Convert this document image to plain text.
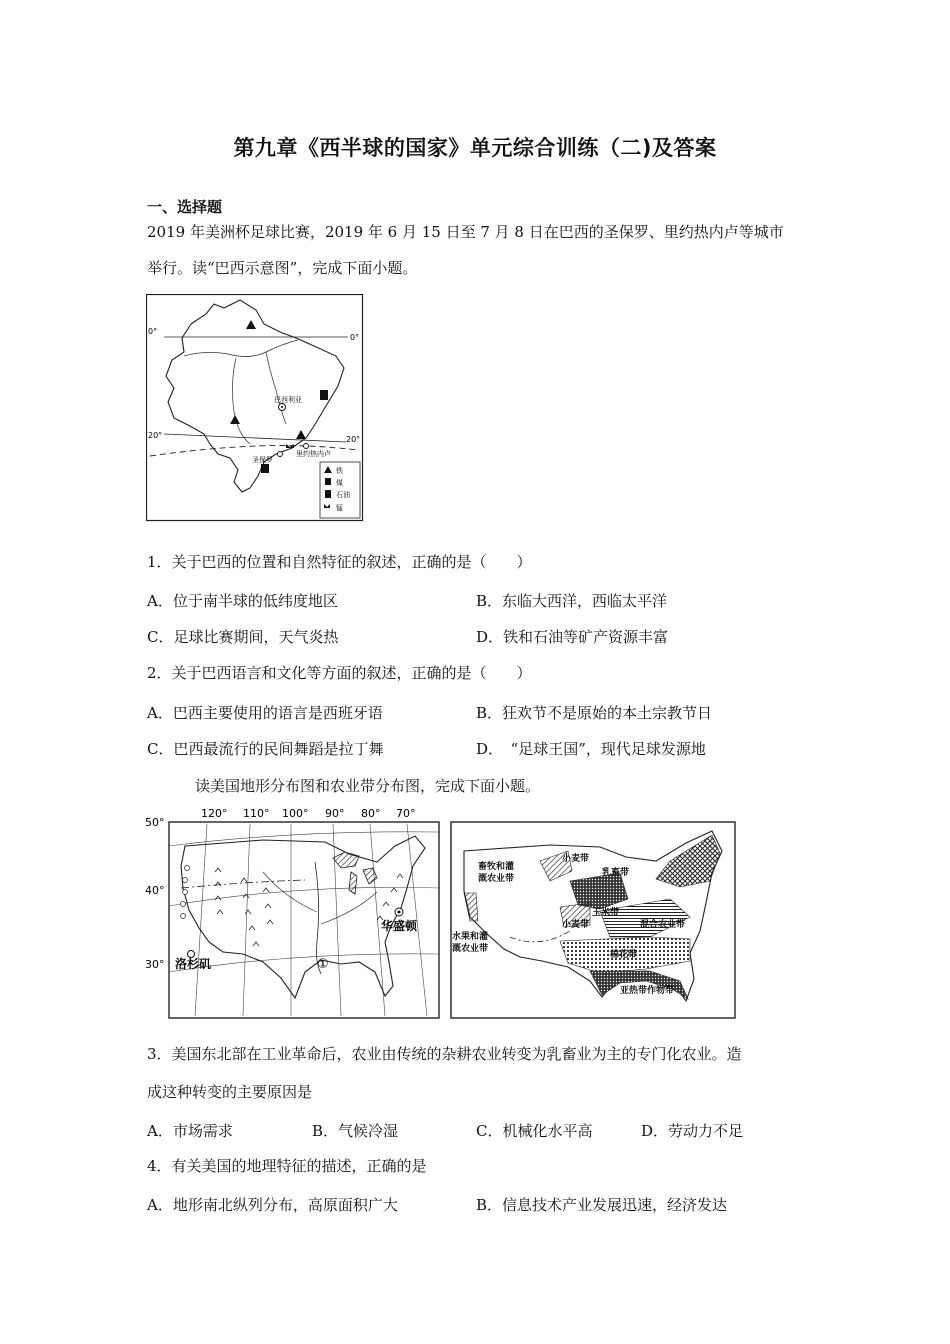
第九章《西半球的国家》单元综合训练（二)及答案
一、选择题
2019 年美洲杯足球比赛，2019 年 6 月 15 日至 7 月 8 日在巴西的圣保罗、里约热内卢等城市
举行。读“巴西示意图”，完成下面小题。
0°
0°
20°	20°
巴西利亚
圣保罗
里约热内卢
铁
煤
石油
锰
1．关于巴西的位置和自然特征的叙述，正确的是（　　）
A．位于南半球的低纬度地区	B．东临大西洋，西临太平洋
C．足球比赛期间，天气炎热	D．铁和石油等矿产资源丰富
2．关于巴西语言和文化等方面的叙述，正确的是（　　）
A．巴西主要使用的语言是西班牙语	B．狂欢节不是原始的本土宗教节日
C．巴西最流行的民间舞蹈是拉丁舞	D．　“足球王国”，现代足球发源地
读美国地形分布图和农业带分布图，完成下面小题。
120° 110° 100° 90° 80° 70°
50°
40°
30°
华盛顿
洛杉矶	①
小麦带
乳畜带
畜牧和灌
溉农业带
玉米带
小麦带	混合农业带
水果和灌
溉农业带
棉花带
亚热带作物带
3．美国东北部在工业革命后，农业由传统的杂耕农业转变为乳畜业为主的专门化农业。造
成这种转变的主要原因是
A．市场需求	B．气候冷湿	C．机械化水平高	D．劳动力不足
4．有关美国的地理特征的描述，正确的是
A．地形南北纵列分布，高原面积广大	B．信息技术产业发展迅速，经济发达
